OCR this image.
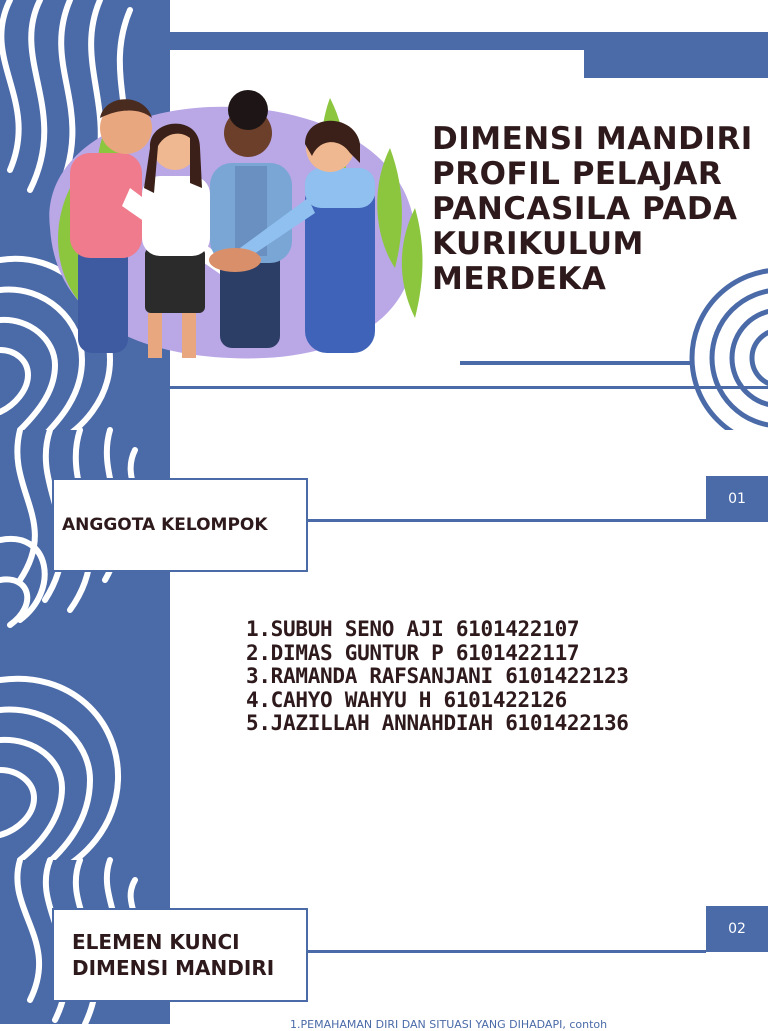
DIMENSI MANDIRI
PROFIL PELAJAR
PANCASILA PADA
KURIKULUM
MERDEKA
01
ANGGOTA KELOMPOK
1.SUBUH SENO AJI 6101422107
2.DIMAS GUNTUR P 6101422117
3.RAMANDA RAFSANJANI 6101422123
4.CAHYO WAHYU H 6101422126
5.JAZILLAH ANNAHDIAH 6101422136
02
ELEMEN KUNCI
DIMENSI MANDIRI
1.PEMAHAMAN DIRI DAN SITUASI YANG DIHADAPI, contoh
